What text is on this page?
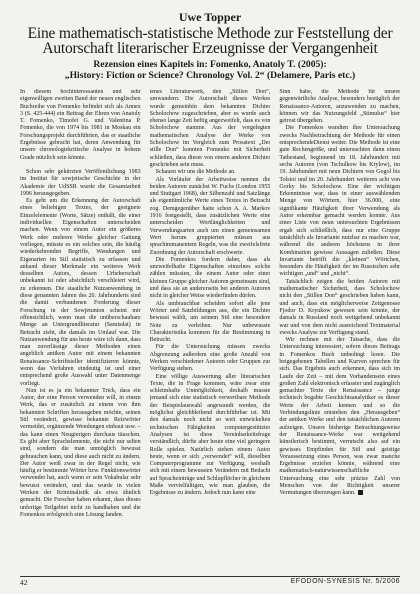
Uwe Topper
Eine mathematisch-statistische Methode zur Feststellung der Autorschaft literarischer Erzeugnisse der Vergangenheit
Rezension eines Kapitels in: Fomenko, Anatoly T. (2005):
„History: Fiction or Science? Chronology Vol. 2“ (Delamere, Paris etc.)

In diesem hochinteressanten und sehr eigenwilligen zweiten Band der neuen englischen Buchreihe von Fomenko befindet sich als Annex 3 (S. 425-444) ein Beitrag der Ehren von Anatoly T. Fomenko, Timofei G. und Valentina P. Fomenko, die von 1974 bis 1981 in Moskau ein Forschungsprojekt durchführten, das er staatliche Ergebnisse gebracht hat, deren Anwendung für unsere chronologiekritische Analyse in hohem Grade nützlich sein könnte.

Schon sehr gekürzten Veröffentlichung 1983 im Institut für sowjetische Geschichte in der Akademie der UdSSR wurde die Gesamtarbeit 1996 herausgegeben.

Es geht um die Erkennung der Autorschaft eines beliebigen Textes, der geeignete Einzelelemente (Worte, Sätze) enthält, die einer individuellen Eigenschaften unterscheiden machen. Wenn von einem Autor ein größeres Werk oder mehrere Werke gleicher Gattung vorliegen, müsste es ein solches sein, die häufig wiederkehrenden Begriffe, Wendungen und Eigenarten im Stil statistisch zu erfassen und anhand dieser Merkmale ein weiteres Werk desselben Autors, dessen Urheberschaft unbekannt ist oder absichtlich verschleiert wird, zu erkennen. Die staatliche Nutzanwendung in diese genannten Jahren des 20. Jahrhunderts sind die damit verbundenen Forderung dieser Forschung in der Sowjetunion scheint mir offensichtlich, wenn man die unüberschaubare Menge an Untergrundliteratur (Samisdat) in Betracht zieht, die damals im Umlauf war. Die Nutzanwendung für uns heute wäre ich dann, dass man zuverlässige dieser Methoden einen angeblich antiken Autor mit einem bekannten Renaissance-Schriftsteller identifizieren könnte, wenn das Verfahren eindeutig ist und einer entsprechend große Auswahl unter Datenmenge vorliegt.

Nun ist es ja ein bekannter Trick, dass ein Autor, der eine Person verwenden will, in einem Werk, das er zusätzlich zu einem von ihm bekannten Schriften herausgeben möchte, seinen Stil verändert, gewisse bekannte Reizwörter vermeidet, ergänzende Wendungen einbaut usw. – das kann einen Neugierigen durchaus täuschen. Es gibt aber Sprachelemente, die nicht nur selten sind, sondern die man unmöglich bewusst gebrauchen kann, und diese auch nicht zu ändern. Der Autor weiß zwar in der Regel nicht, wie häufig er bestimmte Wörter bzw. Funktionswörter verwendet hat, auch wenn er sein Vokabular sehr bewusst verändert, und das wurde in vielen Werken der Kriminalistik als etwa ähnlich gemacht. Die Forscher haben erkannt, dass dieses unfertige Teilgebiet nicht zu handhaben und die Fomenkos erfolgreich eine Lösung fanden.

tenes Literaturwerk, den „Stillen Don“, umwandern. Die Autorschaft dieses Werkes wurde gemeinhin dem bekannten Dichter Scholochow zugeschrieben, aber es wurde auch ebenso lange Zeit heftig angezweifelt, dass es von Scholochow stamme. Aus der vorgelegten mathematischen Analyse der Werke von Scholochow im Vergleich zum Prosatext „Der stille Don“ konnten Fomenko mit Sicherheit schließen, dass dieser von einem anderen Dichter geschrieben sein muss.

Schauen wir uns die Methode an.

Als Vorläufer der Arbeitweise nennen die beiden Autoren zunächst W. Fuchs (London 1955 und Stuttgart 1968), der Silbenzahl und Satzlänge als eigentümliche Werte eines Textes in Betracht zog. Demgegenüber hatte schon A. A. Markov 1916 festgestellt, dass zusätzlichen Werte eine unterscheiden Wortlänglichkeiten und Verwendungsarten auch um einen gemeinsamen Wert herum gruppierten müssen aus sprachimmanentem Regeln, was die zweifelsfreie Zuordnung der Autorschaft erschwerte.

Die Fomenkos fordern daher, dass als unzweifelhafte Eigenschaften einzelnes solche zählen müssten, die einem Autor oder einer kleinen Gruppe gleicher Autoren gemeinsam sind, und dass sie an andererseits bei anderen Autoren nicht in gleicher Weise wiederfinden dürfen.

Als umbrauchbar scheiden sofort alle jene Wörter und Satzbildungen aus, die ein Dichter bewusst wählt, um seinem Stil eine besondere Note zu verleihen. Nur unbewusste Charakteristika kommen für die Bestimmung in Betracht.

Für die Untersuchung müssen zwecks Abgrenzung außerdem eine große Anzahl von Werken verschiedener Autoren oder Gruppen zur Verfügung stehen.

Eine völlige Auswertung aller literarischen Texte, die in Frage kommen, wäre zwar eine schleimhafte Unmöglichkeit, deshalb musste jemand sich eine statistisch verwertbare Methode der Beispielauswahl angewandt werden, die möglichst gleichbleibend durchführbar ist. Mit den damals noch nicht so weit entwickelten technischen Fähigkeiten computergestützter Analysen ist diese Vereinbarkeitsfrage verständlich, dürfte aber heute eine viel geringere Rolle spielen. Natürlich stehen einem Autor heute, wenn er sich „verwendet“ will, dieselben Computerprogramme zur Verfügung, weshalb sich mit einem bewussten Verändern mit Bedacht auf Spracheinträge und Schlupflöcher in gleichem Maße vervielfältigen, wie man glauben, die Ergebnisse zu ändern. Jedoch nun kann eine

Sinn habe, die Methode für unsere gegenwärtliche Analyse, besonders bezüglich der Renaissance-Autoren, anzuwenden zu machen, können wir das Nutzungsfeld „Stimulus“ hier getrost übergehen.

Die Fomenkos wandten ihre Untersuchung zwecks Nachbetrachtung der Methode für einen entsprechendeDienst weiter. Die Methode ist eine gute Rechengröße, und untersuchten dann einen Tatbestand, beginnend im 18. Jahrhundert mit sechs Autoren (von Tschulkow bis Krylow), im 19. Jahrhundert mit neun Dichtern von Gogol bis Tolstoi und im 20. Jahrhundert weiteren acht von Gorky bis Scholochow. Eine der wichtigen Erkenntnisse war, dass in einer auswählenden Menge von Wörtern, hier 36.000, eine signifikante Häufigkeit ihrer Verwendung als Autor erkennbar gemacht werden konnte. Aus einer Liste von neun untersuchten Ergebnissen ergab sich schließlich, dass nur eine Gruppe tatsächlich als Invariante nutzbar zu machen war, während die anderen höchstens in ihrer Kombination gewisse Aussagen zuließen. Diese Invariante betrifft die „kleinen“ Wörtchen, besonders die Häufigkeit der im Russischen sehr wichtigen „und“ und „nicht“.

Tatsächlich zeigen die beiden Autoren mit mathematischer Sicherheit, dass Scholochow nicht den „Stillen Don“ geschrieben haben kann, und auch, dass ein möglicherweise Zeitgenosse Fjodor D. Kryukow gewesen sein könnte, der damals in Russland noch weitgehend unbekannt war und von dem nicht ausreichend Textmaterial zwecks Analyse zur Verfügung stand.

Wir rechnen mit der Tatsache, dass die Untersuchung interessiert, sofern dieses Beitrags in Fomenkos Buch unbedingt lesen. Die beigegebenen Tabellen und Kurven sprechen für sich. Das Ergebnis auch erkennen, dass sich im Laufe der Zeit – mit dem Vorhandensein eines großen Zahl elektronisch erfasster und zugänglich gemachter Texte der Renaissance – junge technisch begabte Geschichtsanalytiker es dieser Werte der Arbeit kennen und so die Verbindungslinie entstehen den „Herausgeben“ der antiken Werke und den tatsächlichen Autoren aufzeigen. Unsere bisherige Betrachtungsweise der Renaissance-Werke war weitgehend künstlerisch bestimmt, verrutscht also auf ein gewisses Empfinden für Stil und geistige Voraussetzung eines Person, was zwar manche Ergebnisse erzielen könnte, während eine mathematisch-naturwissenschaftliche Untersuchung eine sehr präzise Zahl von Menschen von der Richtigkeit unserer Vermutungen überzeugen kann.

42	EFODON-SYNESIS Nr. 5/2006
